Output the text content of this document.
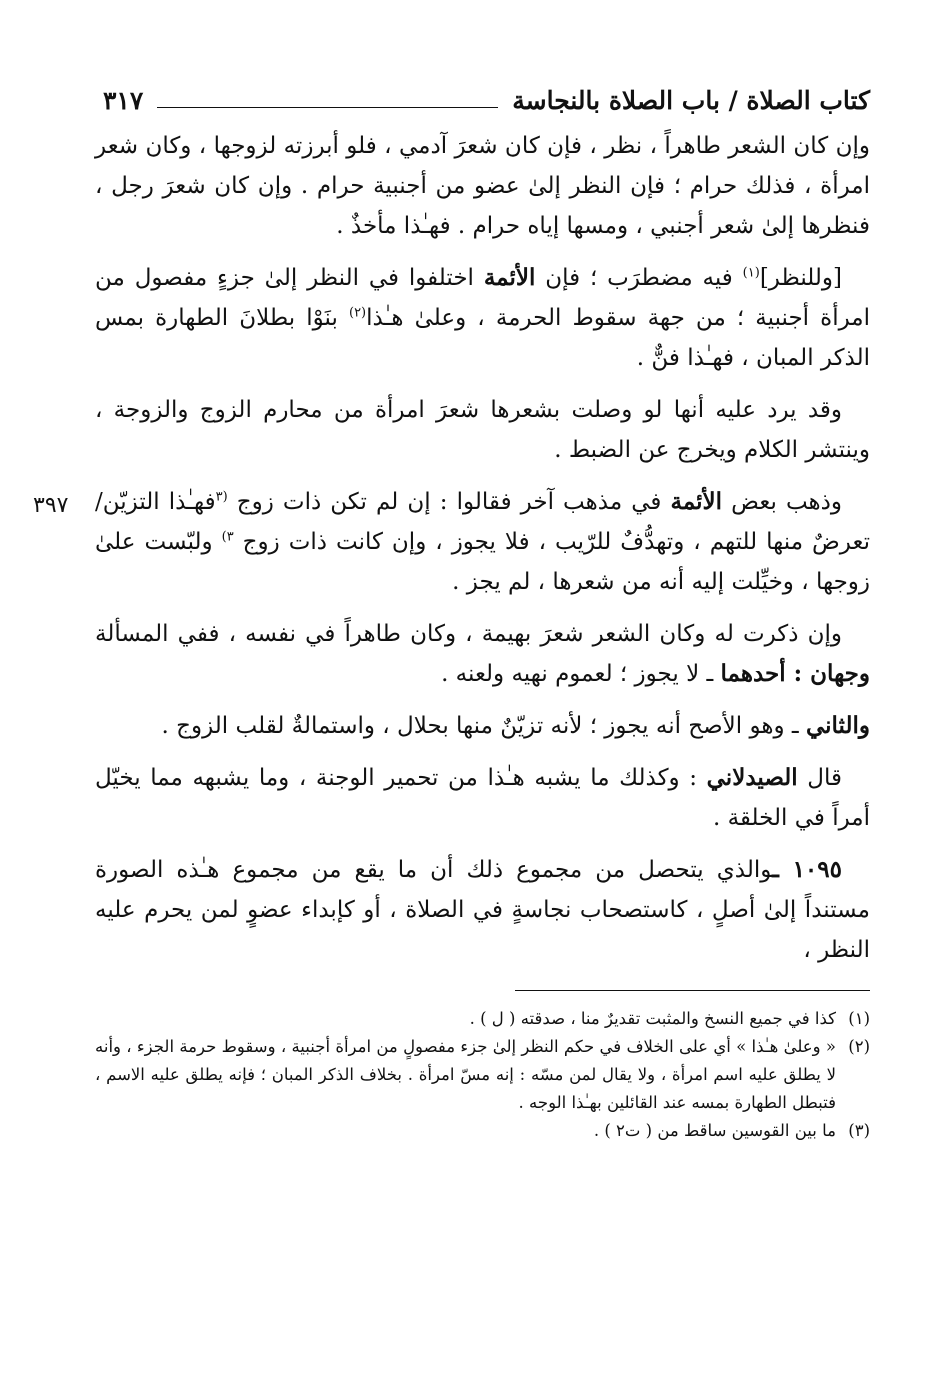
كتاب الصلاة / باب الصلاة بالنجاسة
٣١٧

وإن كان الشعر طاهراً ، نظر ، فإن كان شعرَ آدمي ، فلو أبرزته لزوجها ، وكان شعر امرأة ، فذلك حرام ؛ فإن النظر إلىٰ عضو من أجنبية حرام . وإن كان شعرَ رجل ، فنظرها إلىٰ شعر أجنبي ، ومسها إياه حرام . فهـٰذا مأخذٌ .

[وللنظر]$^{(١)}$ فيه مضطرَب ؛ فإن الأئمة اختلفوا في النظر إلىٰ جزءٍ مفصول من امرأة أجنبية ؛ من جهة سقوط الحرمة ، وعلىٰ هـٰذا$^{(٢)}$ بنَوْا بطلانَ الطهارة بمس الذكر المبان ، فهـٰذا فنٌّ .

وقد يرد عليه أنها لو وصلت بشعرها شعرَ امرأة من محارم الزوج والزوجة ، وينتشر الكلام ويخرج عن الضبط .

٣٩٧	وذهب بعض الأئمة في مذهب آخر فقالوا : إن لم تكن ذات زوج $^{(٣}$فهـٰذا التزيّن/ تعرضٌ منها للتهم ، وتهدُّفٌ للرّيب ، فلا يجوز ، وإن كانت ذات زوج $^{٣)}$ ولبّست علىٰ زوجها ، وخيِّلت إليه أنه من شعرها ، لم يجز .

وإن ذكرت له وكان الشعر شعرَ بهيمة ، وكان طاهراً في نفسه ، ففي المسألة وجهان : أحدهما ـ لا يجوز ؛ لعموم نهيه ولعنه .

والثاني ـ وهو الأصح أنه يجوز ؛ لأنه تزيّنٌ منها بحلال ، واستمالةٌ لقلب الزوج .

قال الصيدلاني : وكذلك ما يشبه هـٰذا من تحمير الوجنة ، وما يشبهه مما يخيّل أمراً في الخلقة .

١٠٩٥ ـوالذي يتحصل من مجموع ذلك أن ما يقع من مجموع هـٰذه الصورة مستنداً إلىٰ أصلٍ ، كاستصحاب نجاسةٍ في الصلاة ، أو كإبداء عضوٍ لمن يحرم عليه النظر ،

(١)
كذا في جميع النسخ والمثبت تقديرٌ منا ، صدقته ( ل ) .
(٢)
« وعلىٰ هـٰذا » أي على الخلاف في حكم النظر إلىٰ جزء مفصولٍ من امرأة أجنبية ، وسقوط حرمة الجزء ، وأنه لا يطلق عليه اسم امرأة ، ولا يقال لمن مسّه : إنه مسّ امرأة . بخلاف الذكر المبان ؛ فإنه يطلق عليه الاسم ، فتبطل الطهارة بمسه عند القائلين بهـٰذا الوجه .
(٣)
ما بين القوسين ساقط من ( ت٢ ) .
